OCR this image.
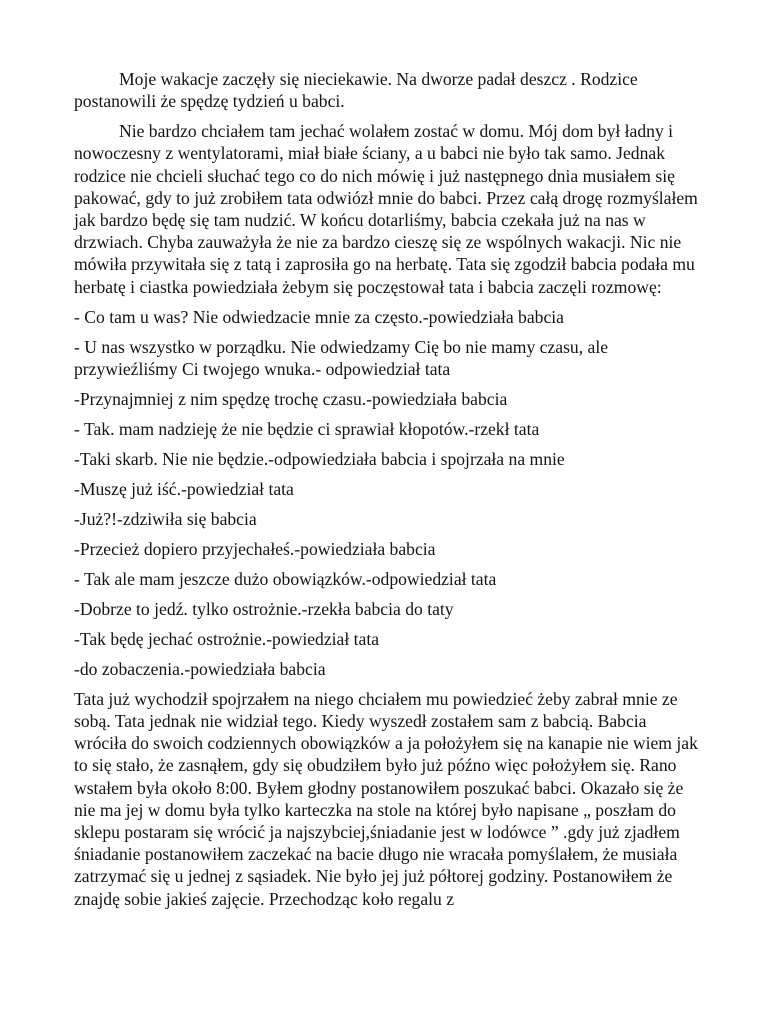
Moje wakacje zaczęły się nieciekawie. Na dworze padał deszcz . Rodzice postanowili że spędzę tydzień u babci.

Nie bardzo chciałem tam jechać wolałem zostać w domu. Mój dom był ładny i nowoczesny z wentylatorami, miał białe ściany, a u babci nie było tak samo. Jednak rodzice nie chcieli słuchać tego co do nich mówię i już następnego dnia musiałem się pakować, gdy to już zrobiłem tata odwiózł mnie do babci. Przez całą drogę rozmyślałem jak bardzo będę się tam nudzić. W końcu dotarliśmy, babcia czekała już na nas w drzwiach. Chyba zauważyła że nie za bardzo cieszę się ze wspólnych wakacji. Nic nie mówiła przywitała się z tatą i zaprosiła go na herbatę. Tata się zgodził babcia podała mu herbatę i ciastka powiedziała żebym się poczęstował tata i babcia zaczęli rozmowę:

- Co tam u was? Nie odwiedzacie mnie za często.-powiedziała babcia

- U nas wszystko w porządku. Nie odwiedzamy Cię bo nie mamy czasu, ale przywieźliśmy Ci twojego wnuka.- odpowiedział tata

-Przynajmniej z nim spędzę trochę czasu.-powiedziała babcia

- Tak. mam nadzieję że nie będzie ci sprawiał kłopotów.-rzekł tata

-Taki skarb. Nie nie będzie.-odpowiedziała babcia i spojrzała na mnie

-Muszę już iść.-powiedział tata

-Już?!-zdziwiła się babcia

-Przecież dopiero przyjechałeś.-powiedziała babcia

- Tak ale mam jeszcze dużo obowiązków.-odpowiedział tata

-Dobrze to jedź. tylko ostrożnie.-rzekła babcia do taty

-Tak będę jechać ostrożnie.-powiedział tata

-do zobaczenia.-powiedziała babcia

Tata już wychodził spojrzałem na niego chciałem mu powiedzieć żeby zabrał mnie ze sobą. Tata jednak nie widział tego. Kiedy wyszedł zostałem sam z babcią. Babcia wróciła do swoich codziennych obowiązków a ja położyłem się na kanapie nie wiem jak to się stało, że zasnąłem, gdy się obudziłem było już późno więc położyłem się. Rano wstałem była około 8:00. Byłem głodny postanowiłem poszukać babci. Okazało się że nie ma jej w domu była tylko karteczka na stole na której było napisane „ poszłam do sklepu postaram się wrócić ja najszybciej,śniadanie jest w lodówce ” .gdy już zjadłem śniadanie postanowiłem zaczekać na bacie długo nie wracała pomyślałem, że musiała zatrzymać się u jednej z sąsiadek. Nie było jej już półtorej godziny. Postanowiłem że znajdę sobie jakieś zajęcie. Przechodząc koło regalu z
